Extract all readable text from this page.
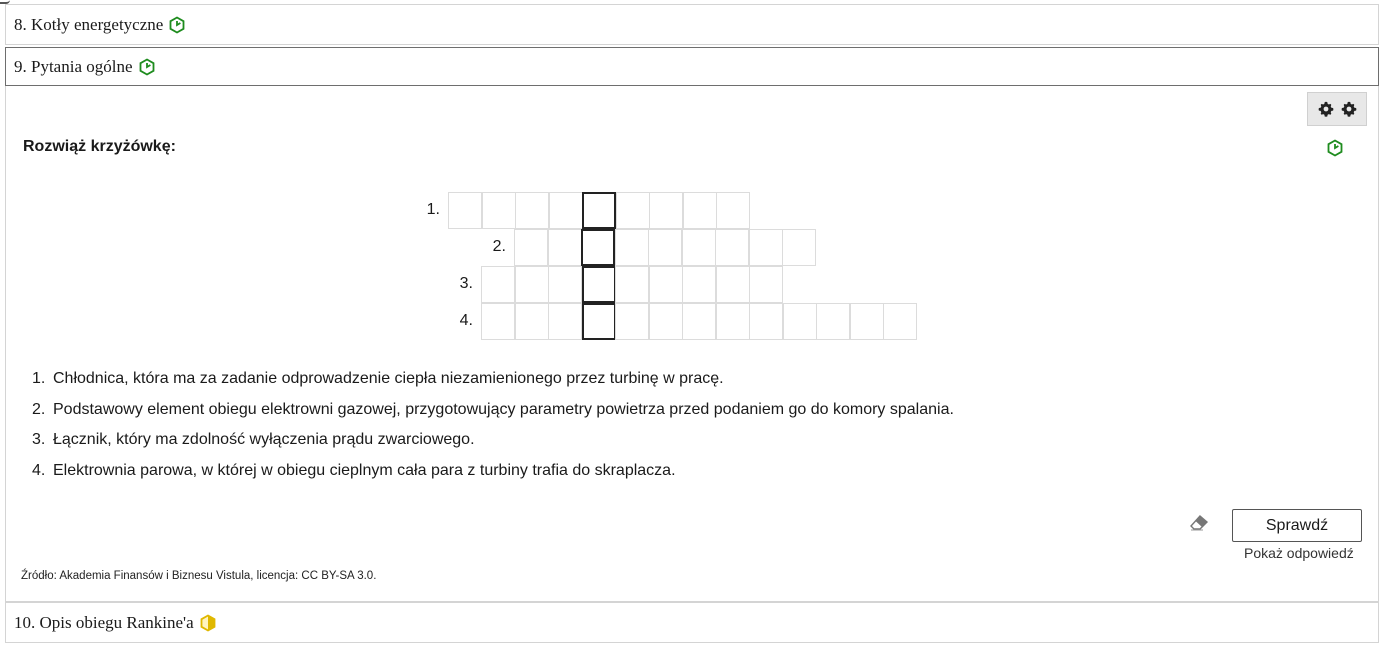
8. Kotły energetyczne
9. Pytania ogólne
Rozwiąż krzyżówkę:
1.
2.
3.
4.
1. Chłodnica, która ma za zadanie odprowadzenie ciepła niezamienionego przez turbinę w pracę.
2. Podstawowy element obiegu elektrowni gazowej, przygotowujący parametry powietrza przed podaniem go do komory spalania.
3. Łącznik, który ma zdolność wyłączenia prądu zwarciowego.
4. Elektrownia parowa, w której w obiegu cieplnym cała para z turbiny trafia do skraplacza.
Sprawdź
Pokaż odpowiedź
Źródło: Akademia Finansów i Biznesu Vistula, licencja: CC BY-SA 3.0.
10. Opis obiegu Rankine'a
